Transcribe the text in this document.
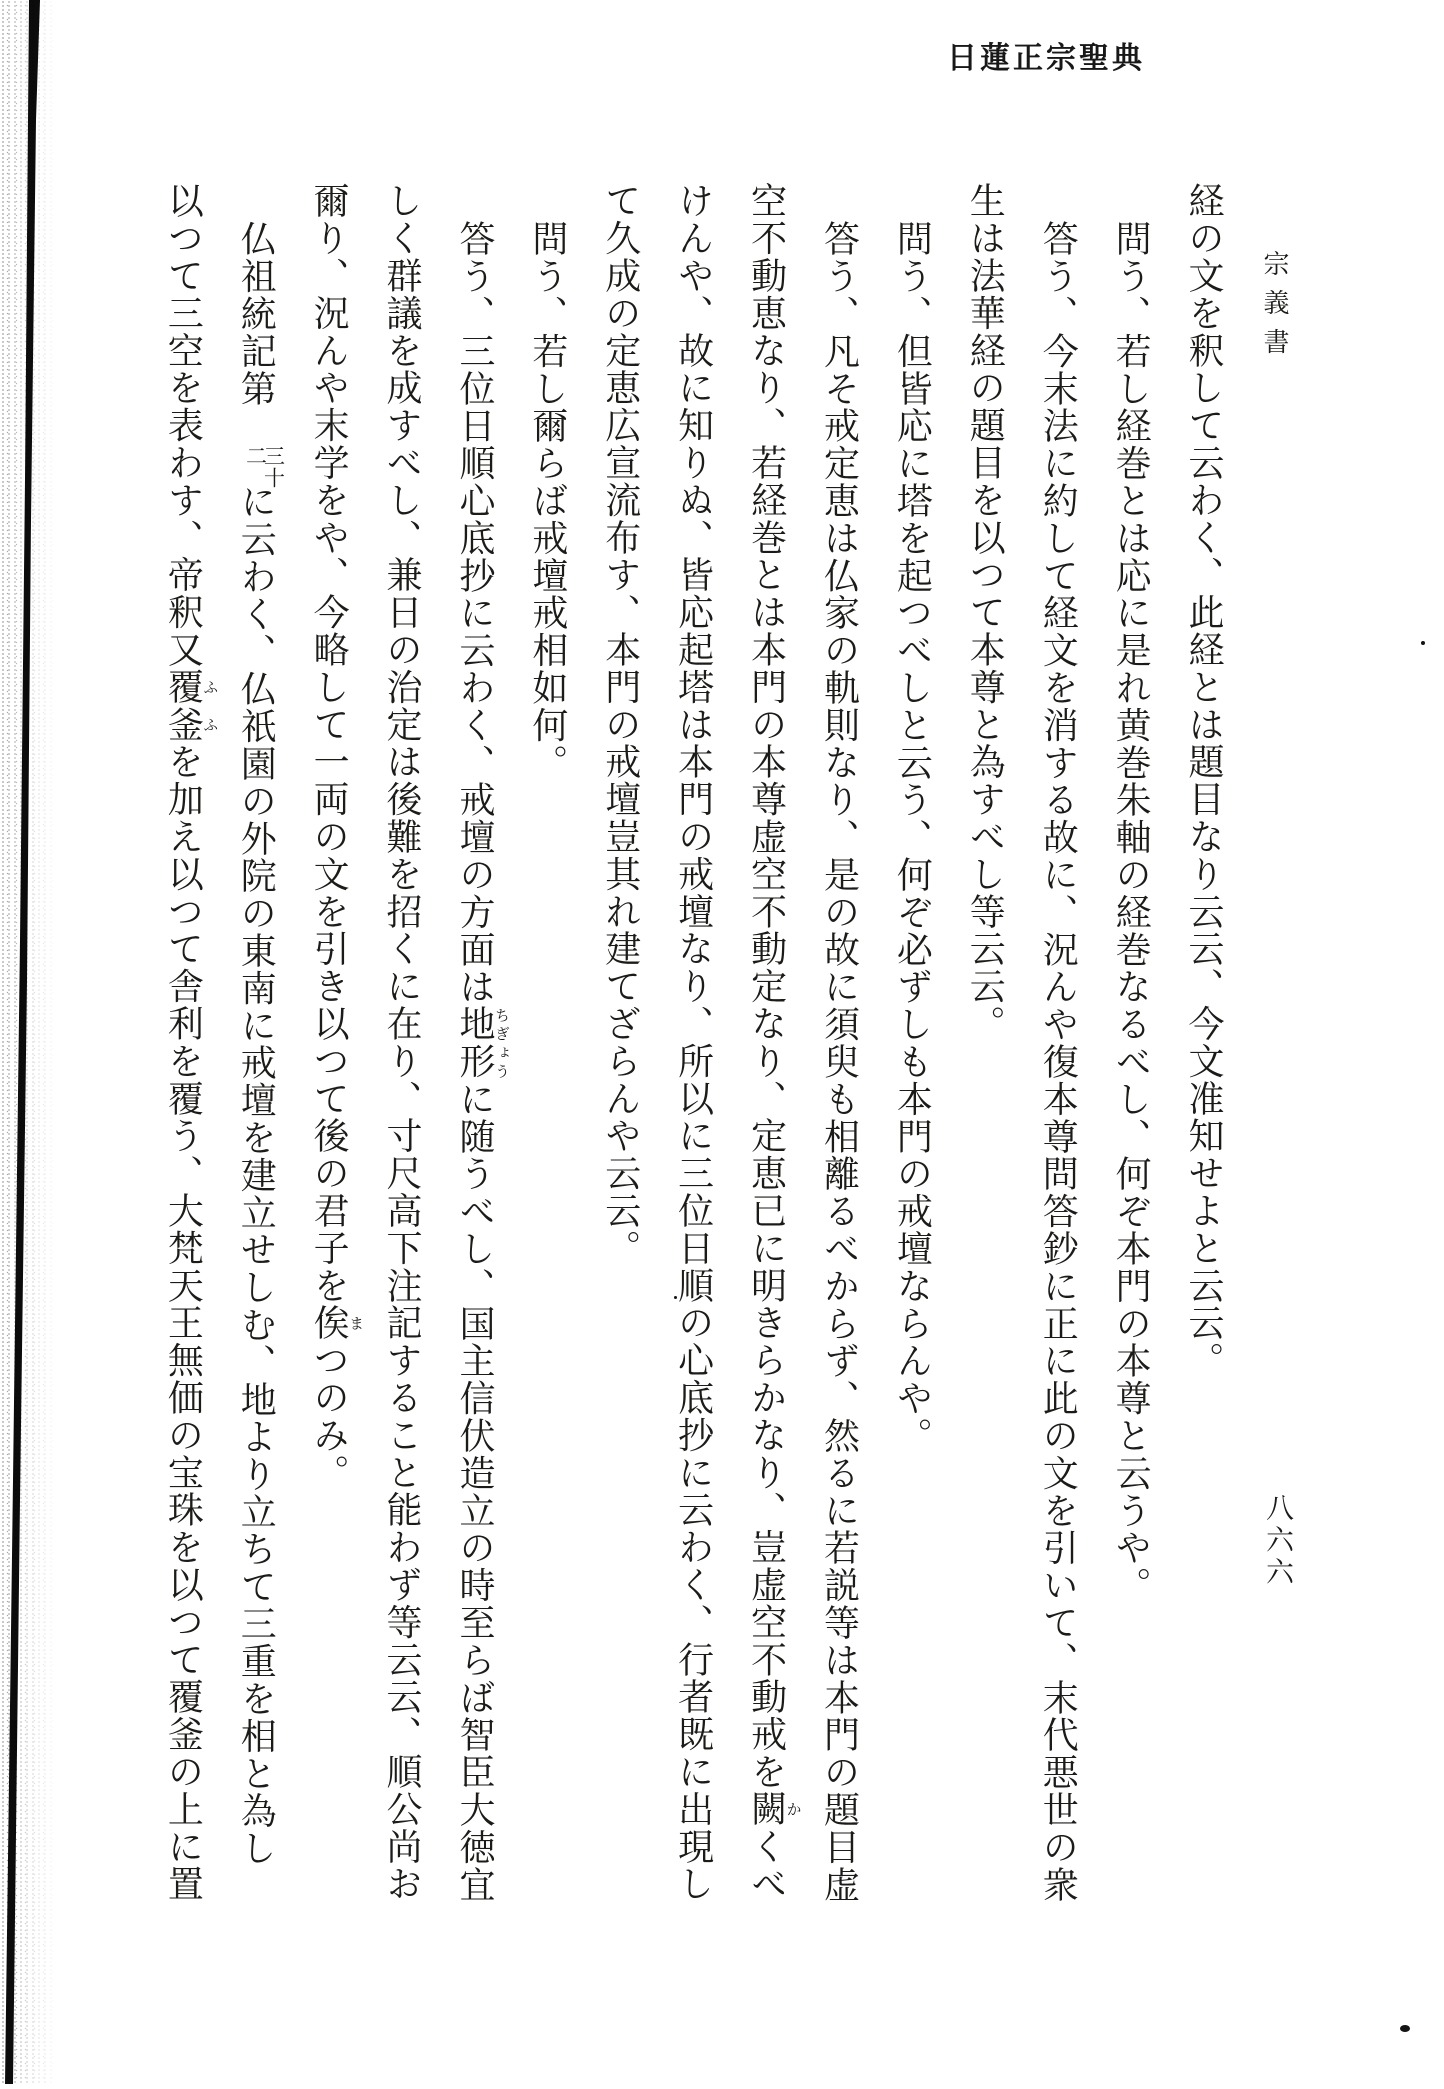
日蓮正宗聖典
宗義書
八六六
経の文を釈して云わく、此経とは題目なり云云、今文准知せよと云云。
問う、若し経巻とは応に是れ黄巻朱軸の経巻なるべし、何ぞ本門の本尊と云うや。
答う、今末法に約して経文を消する故に、況んや復本尊問答鈔に正に此の文を引いて、末代悪世の衆
生は法華経の題目を以つて本尊と為すべし等云云。
問う、但皆応に塔を起つべしと云う、何ぞ必ずしも本門の戒壇ならんや。
答う、凡そ戒定恵は仏家の軌則なり、是の故に須臾も相離るべからず、然るに若説等は本門の題目虚
空不動恵なり、若経巻とは本門の本尊虚空不動定なり、定恵已に明きらかなり、豈虚空不動戒を闕かくべ
けんや、故に知りぬ、皆応起塔は本門の戒壇なり、所以に三位日順の心底抄に云わく、行者既に出現し
て久成の定恵広宣流布す、本門の戒壇豈其れ建てざらんや云云。
問う、若し爾らば戒壇戒相如何。
答う、三位日順心底抄に云わく、戒壇の方面は地形ちぎょうに随うべし、国主信伏造立の時至らば智臣大徳宜
しく群議を成すべし、兼日の治定は後難を招くに在り、寸尺高下注記すること能わず等云云、順公尚お
爾り、況んや末学をや、今略して一両の文を引き以つて後の君子を俟まつのみ。
仏祖統記第
三十
二
に云わく、仏祇園の外院の東南に戒壇を建立せしむ、地より立ちて三重を相と為し
以つて三空を表わす、帝釈又覆ふ釜ふを加え以つて舎利を覆う、大梵天王無価の宝珠を以つて覆釜の上に置
